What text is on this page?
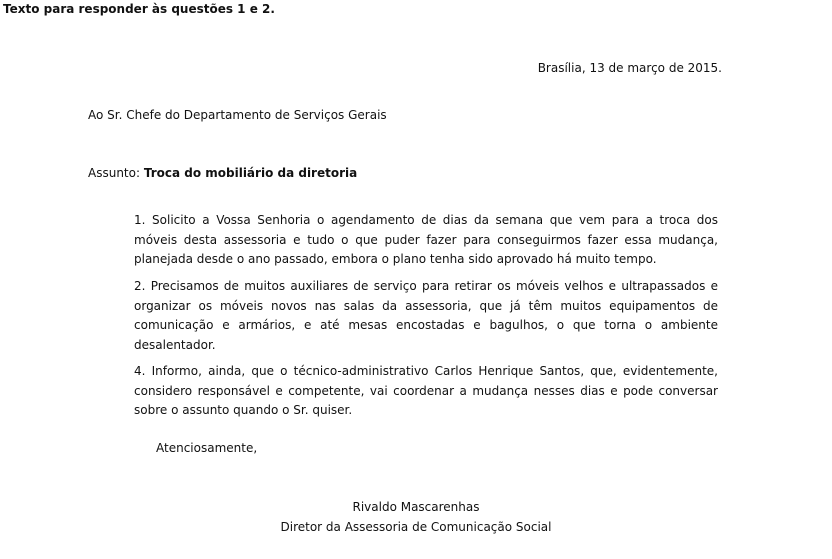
Texto para responder às questões 1 e 2.
Brasília, 13 de março de 2015.
Ao Sr. Chefe do Departamento de Serviços Gerais
Assunto: Troca do mobiliário da diretoria
1. Solicito a Vossa Senhoria o agendamento de dias da semana que vem para a troca dos móveis desta assessoria e tudo o que puder fazer para conseguirmos fazer essa mudança, planejada desde o ano passado, embora o plano tenha sido aprovado há muito tempo.
2. Precisamos de muitos auxiliares de serviço para retirar os móveis velhos e ultrapassados e organizar os móveis novos nas salas da assessoria, que já têm muitos equipamentos de comunicação e armários, e até mesas encostadas e bagulhos, o que torna o ambiente desalentador.
4. Informo, ainda, que o técnico-administrativo Carlos Henrique Santos, que, evidentemente, considero responsável e competente, vai coordenar a mudança nesses dias e pode conversar sobre o assunto quando o Sr. quiser.
Atenciosamente,
Rivaldo Mascarenhas
Diretor da Assessoria de Comunicação Social
